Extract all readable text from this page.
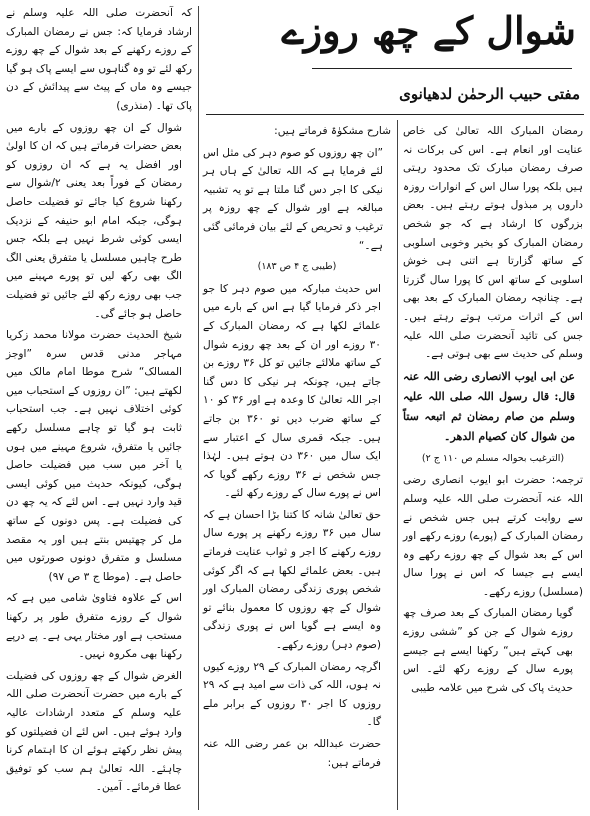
شوال کے چھ روزے
مفتی حبیب الرحمٰن لدھیانوی

رمضان المبارک اللہ تعالیٰ کی خاص عنایت اور انعام ہے۔ اس کی برکات نہ صرف رمضان مبارک تک محدود رہتی ہیں بلکہ پورا سال اس کے انوارات روزہ داروں پر مبذول ہوتے رہتے ہیں۔ بعض بزرگوں کا ارشاد ہے کہ جو شخص رمضان المبارک کو بخیر وخوبی اسلوبی کے ساتھ گزارتا ہے اتنی ہی خوش اسلوبی کے ساتھ اس کا پورا سال گزرتا ہے۔ چنانچہ رمضان المبارک کے بعد بھی اس کے اثرات مرتب ہوتے رہتے ہیں۔ جس کی تائید آنحضرت صلی اللہ علیہ وسلم کی حدیث سے بھی ہوتی ہے۔

عن ابی ایوب الانصاری رضی اللہ عنہ قال: قال رسول اللہ صلی اللہ علیہ وسلم من صام رمضان ثم اتبعہ ستاً من شوال کان کصیام الدھر۔

(الترغیب بحوالہ مسلم ص ۱۱۰ ج ۲)

ترجمہ: حضرت ابو ایوب انصاری رضی اللہ عنہ آنحضرت صلی اللہ علیہ وسلم سے روایت کرتے ہیں جس شخص نے رمضان المبارک کے (پورے) روزے رکھے اور اس کے بعد شوال کے چھ روزے رکھے وہ ایسے ہے جیسا کہ اس نے پورا سال (مسلسل) روزے رکھے۔

گویا رمضان المبارک کے بعد صرف چھ روزے شوال کے جن کو ”ششی روزے بھی کہتے ہیں“ رکھنا ایسے ہے جیسے پورے سال کے روزے رکھ لئے۔ اس حدیث پاک کی شرح میں علامہ طیبی

شارح مشکوٰۃ فرماتے ہیں:

”ان چھ روزوں کو صوم دہر کی مثل اس لئے فرمایا ہے کہ اللہ تعالیٰ کے ہاں ہر نیکی کا اجر دس گنا ملتا ہے تو یہ تشبیہ مبالغہ ہے اور شوال کے چھ روزہ پر ترغیب و تحریص کے لئے بیان فرمائی گئی ہے۔“

(طیبی ج ۴ ص ۱۸۳)

اس حدیث مبارکہ میں صوم دہر کا جو اجر ذکر فرمایا گیا ہے اس کے بارے میں علمائے لکھا ہے کہ رمضان المبارک کے ۳۰ روزے اور ان کے بعد چھ روزے شوال کے ساتھ ملالئے جائیں تو کل ۳۶ روزے بن جاتے ہیں، چونکہ ہر نیکی کا دس گنا اجر اللہ تعالیٰ کا وعدہ ہے اور ۳۶ کو ۱۰ کے ساتھ ضرب دیں تو ۳۶۰ بن جاتے ہیں۔ جبکہ قمری سال کے اعتبار سے ایک سال میں ۳۶۰ دن ہوتے ہیں۔ لہٰذا جس شخص نے ۳۶ روزے رکھے گویا کہ اس نے پورے سال کے روزے رکھ لئے۔

حق تعالیٰ شانہ کا کتنا بڑا احسان ہے کہ سال میں ۳۶ روزے رکھنے پر پورے سال روزے رکھنے کا اجر و ثواب عنایت فرماتے ہیں۔ بعض علمائے لکھا ہے کہ اگر کوئی شخص پوری زندگی رمضان المبارک اور شوال کے چھ روزوں کا معمول بنائے تو وہ ایسے ہے گویا اس نے پوری زندگی (صوم دہر) روزے رکھے۔

اگرچہ رمضان المبارک کے ۲۹ روزے کیوں نہ ہوں، اللہ کی ذات سے امید ہے کہ ۲۹ روزوں کا اجر ۳۰ روزوں کے برابر ملے گا۔

حضرت عبداللہ بن عمر رضی اللہ عنہ فرماتے ہیں:

کہ آنحضرت صلی اللہ علیہ وسلم نے ارشاد فرمایا کہ: جس نے رمضان المبارک کے روزے رکھنے کے بعد شوال کے چھ روزے رکھ لئے تو وہ گناہوں سے ایسے پاک ہو گیا جیسے وہ ماں کے پیٹ سے پیدائش کے دن پاک تھا۔ (منذری)

شوال کے ان چھ روزوں کے بارے میں بعض حضرات فرماتے ہیں کہ ان کا اولیٰ اور افضل یہ ہے کہ ان روزوں کو رمضان کے فوراً بعد یعنی ۲/شوال سے رکھنا شروع کیا جائے تو فضیلت حاصل ہوگی، جبکہ امام ابو حنیفہ کے نزدیک ایسی کوئی شرط نہیں ہے بلکہ جس طرح چاہیں مسلسل یا متفرق یعنی الگ الگ بھی رکھ لیں تو پورے مہینے میں جب بھی روزے رکھ لئے جائیں تو فضیلت حاصل ہو جائے گی۔

شیخ الحدیث حضرت مولانا محمد زکریا مہاجر مدنی قدس سرہ ”اوجز المسالک“ شرح موطا امام مالک میں لکھتے ہیں: ”ان روزوں کے استحباب میں کوئی اختلاف نہیں ہے۔ جب استحباب ثابت ہو گیا تو چاہے مسلسل رکھے جائیں یا متفرق، شروع مہینے میں ہوں یا آخر میں سب میں فضیلت حاصل ہوگی، کیونکہ حدیث میں کوئی ایسی قید وارد نہیں ہے۔ اس لئے کہ یہ چھ دن کی فضیلت ہے۔ پس دونوں کے ساتھ مل کر چھتیس بنتے ہیں اور یہ مقصد مسلسل و متفرق دونوں صورتوں میں حاصل ہے۔ (موطا ج ۳ ص ۹۷)

اس کے علاوہ فتاویٰ شامی میں ہے کہ شوال کے روزے متفرق طور پر رکھنا مستحب ہے اور مختار یہی ہے۔ پے درپے رکھنا بھی مکروہ نہیں۔

الغرض شوال کے چھ روزوں کی فضیلت کے بارے میں حضرت آنحضرت صلی اللہ علیہ وسلم کے متعدد ارشادات عالیہ وارد ہوئے ہیں۔ اس لئے ان فضیلتوں کو پیش نظر رکھتے ہوئے ان کا اہتمام کرنا چاہئے۔ اللہ تعالیٰ ہم سب کو توفیق عطا فرمائے۔ آمین۔
